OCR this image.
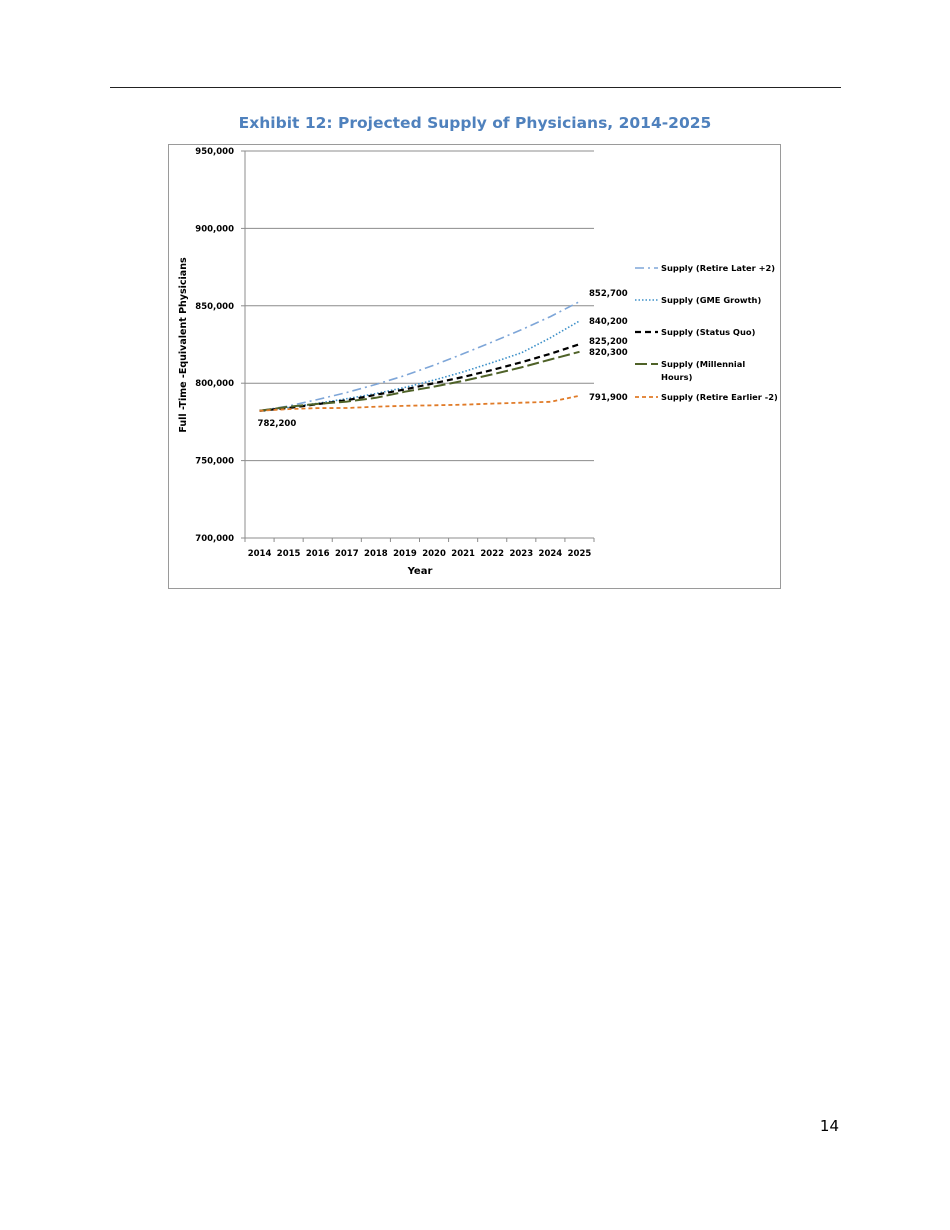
Exhibit 12: Projected Supply of Physicians, 2014-2025
700,000
750,000
800,000
850,000
900,000
950,000
2014 2015 2016 2017 2018 2019 2020 2021 2022 2023 2024 2025
852,700
840,200
825,200
820,300
791,900
782,200
Supply (Retire Later +2)
Supply (GME Growth)
Supply (Status Quo)
Supply (Millennial Hours)
Supply (Retire Earlier -2)
Year
Full -Time -Equivalent Physicians
14
